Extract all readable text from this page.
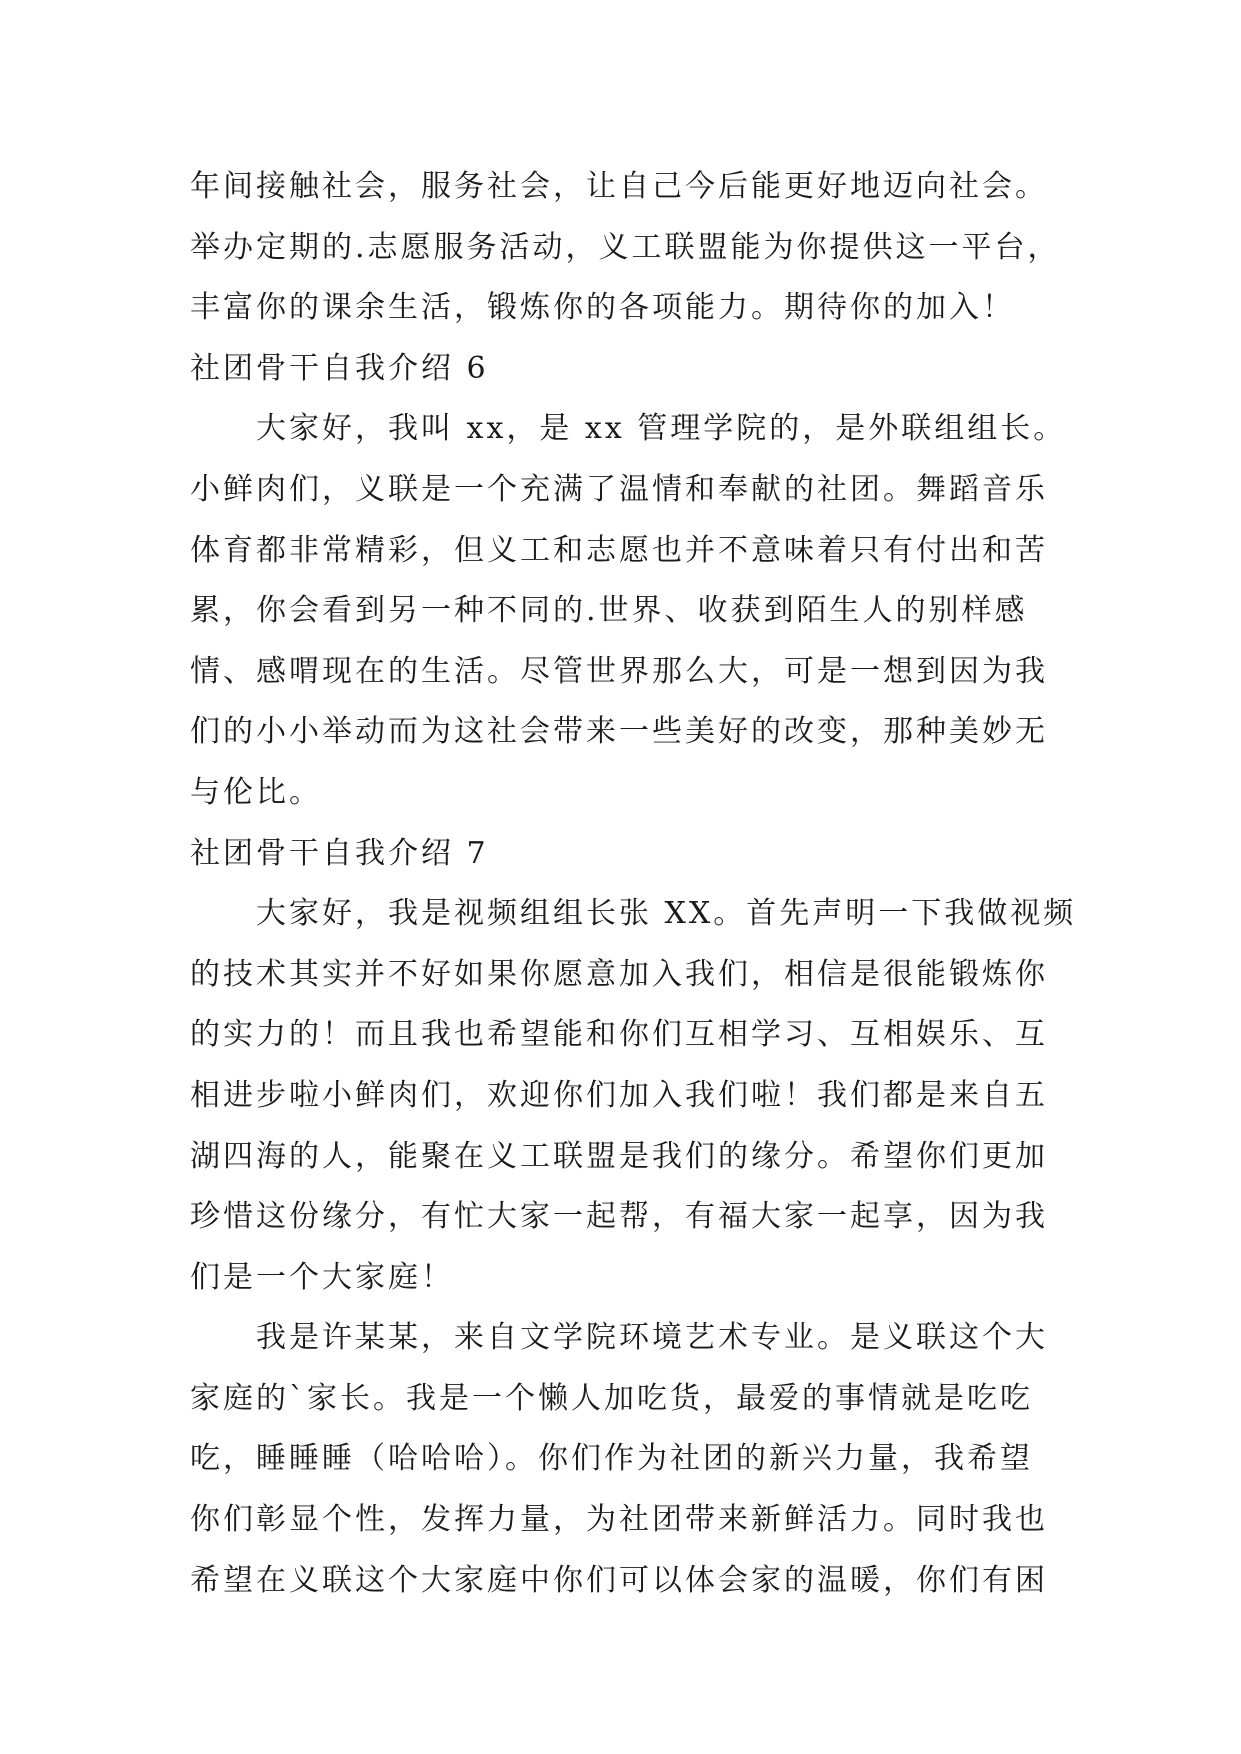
年间接触社会，服务社会，让自己今后能更好地迈向社会。
举办定期的.志愿服务活动，义工联盟能为你提供这一平台，
丰富你的课余生活，锻炼你的各项能力。期待你的加入！
社团骨干自我介绍 6
大家好，我叫 xx，是 xx 管理学院的，是外联组组长。
小鲜肉们，义联是一个充满了温情和奉献的社团。舞蹈音乐
体育都非常精彩，但义工和志愿也并不意味着只有付出和苦
累，你会看到另一种不同的.世界、收获到陌生人的别样感
情、感喟现在的生活。尽管世界那么大，可是一想到因为我
们的小小举动而为这社会带来一些美好的改变，那种美妙无
与伦比。
社团骨干自我介绍 7
大家好，我是视频组组长张 XX。首先声明一下我做视频
的技术其实并不好如果你愿意加入我们，相信是很能锻炼你
的实力的！而且我也希望能和你们互相学习、互相娱乐、互
相进步啦小鲜肉们，欢迎你们加入我们啦！我们都是来自五
湖四海的人，能聚在义工联盟是我们的缘分。希望你们更加
珍惜这份缘分，有忙大家一起帮，有福大家一起享，因为我
们是一个大家庭！
我是许某某，来自文学院环境艺术专业。是义联这个大
家庭的`家长。我是一个懒人加吃货，最爱的事情就是吃吃
吃，睡睡睡（哈哈哈）。你们作为社团的新兴力量，我希望
你们彰显个性，发挥力量，为社团带来新鲜活力。同时我也
希望在义联这个大家庭中你们可以体会家的温暖，你们有困
